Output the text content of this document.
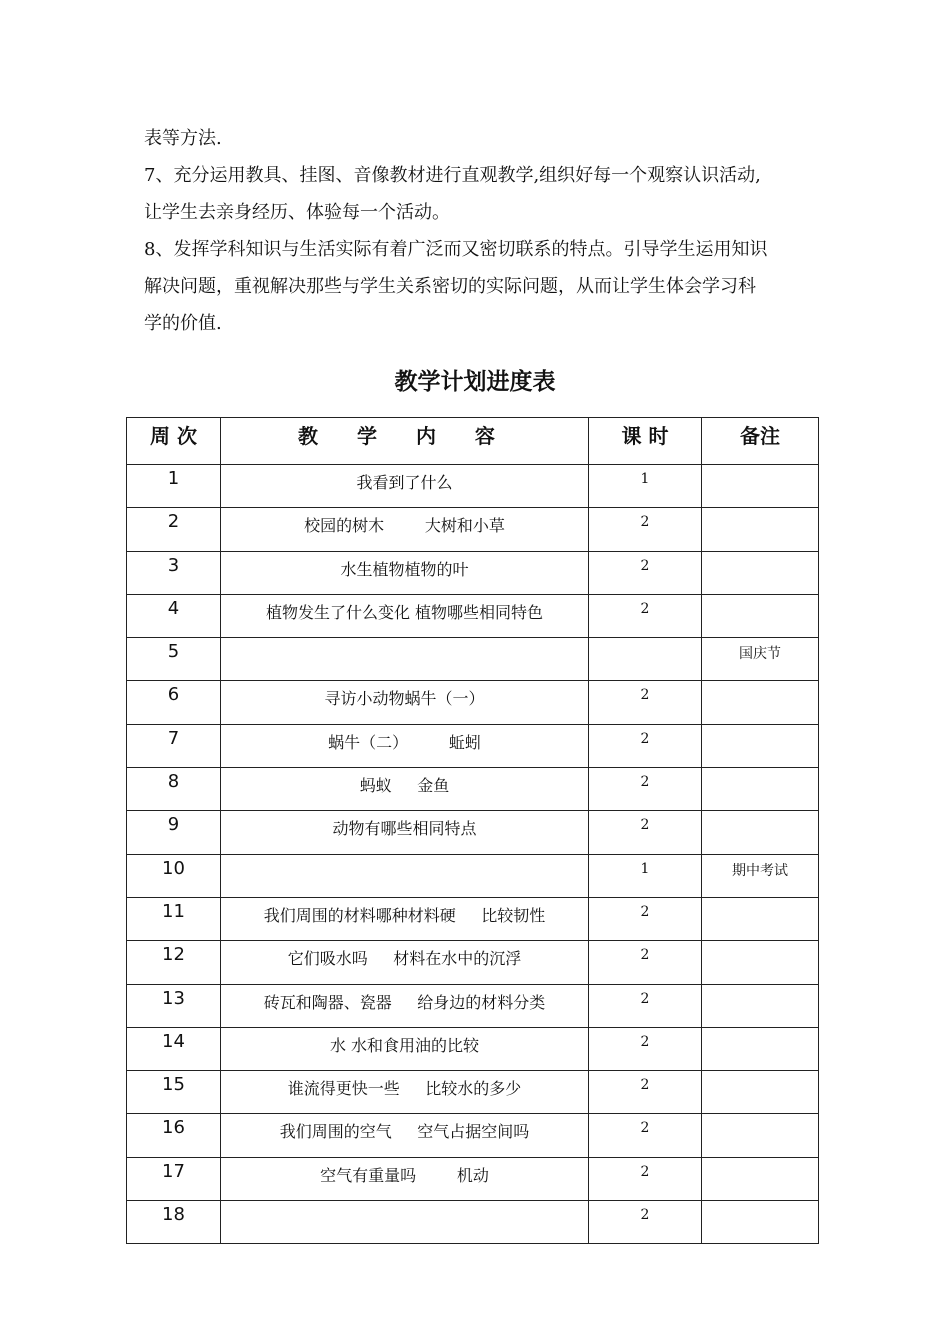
表等方法.
7、充分运用教具、挂图、音像教材进行直观教学,组织好每一个观察认识活动,
让学生去亲身经历、体验每一个活动。
8、发挥学科知识与生活实际有着广泛而又密切联系的特点。引导学生运用知识
解决问题，重视解决那些与学生关系密切的实际问题，从而让学生体会学习科
学的价值.
教学计划进度表
周 次	教 学 内 容	课 时	备注

1	我看到了什么	1	

2	校园的树木        大树和小草	2	

3	水生植物植物的叶	2	

4	植物发生了什么变化 植物哪些相同特色	2	

5			国庆节

6	寻访小动物蜗牛（一）	2	

7	蜗牛（二）        蚯蚓	2	

8	蚂蚁     金鱼	2	

9	动物有哪些相同特点	2	

10		1	期中考试

11	我们周围的材料哪种材料硬     比较韧性	2	

12	它们吸水吗     材料在水中的沉浮	2	

13	砖瓦和陶器、瓷器     给身边的材料分类	2	

14	水 水和食用油的比较	2	

15	谁流得更快一些     比较水的多少	2	

16	我们周围的空气     空气占据空间吗	2	

17	空气有重量吗        机动	2	

18		2	
